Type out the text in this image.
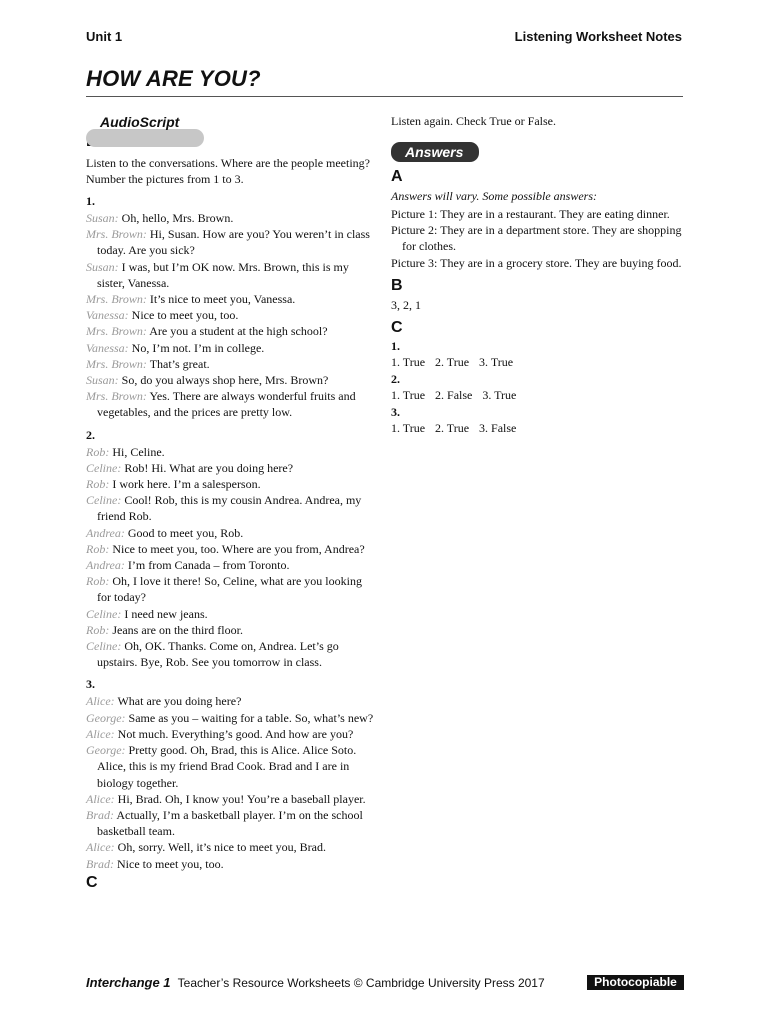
Unit 1	Listening Worksheet Notes
HOW ARE YOU?
AudioScript
Listen to the conversations. Where are the people meeting? Number the pictures from 1 to 3.
1.
Susan: Oh, hello, Mrs. Brown.
Mrs. Brown: Hi, Susan. How are you? You weren’t in class today. Are you sick?
Susan: I was, but I’m OK now. Mrs. Brown, this is my sister, Vanessa.
Mrs. Brown: It’s nice to meet you, Vanessa.
Vanessa: Nice to meet you, too.
Mrs. Brown: Are you a student at the high school?
Vanessa: No, I’m not. I’m in college.
Mrs. Brown: That’s great.
Susan: So, do you always shop here, Mrs. Brown?
Mrs. Brown: Yes. There are always wonderful fruits and vegetables, and the prices are pretty low.
2.
Rob: Hi, Celine.
Celine: Rob! Hi. What are you doing here?
Rob: I work here. I’m a salesperson.
Celine: Cool! Rob, this is my cousin Andrea. Andrea, my friend Rob.
Andrea: Good to meet you, Rob.
Rob: Nice to meet you, too. Where are you from, Andrea?
Andrea: I’m from Canada – from Toronto.
Rob: Oh, I love it there! So, Celine, what are you looking for today?
Celine: I need new jeans.
Rob: Jeans are on the third floor.
Celine: Oh, OK. Thanks. Come on, Andrea. Let’s go upstairs. Bye, Rob. See you tomorrow in class.
3.
Alice: What are you doing here?
George: Same as you – waiting for a table. So, what’s new?
Alice: Not much. Everything’s good. And how are you?
George: Pretty good. Oh, Brad, this is Alice. Alice Soto. Alice, this is my friend Brad Cook. Brad and I are in biology together.
Alice: Hi, Brad. Oh, I know you! You’re a baseball player.
Brad: Actually, I’m a basketball player. I’m on the school basketball team.
Alice: Oh, sorry. Well, it’s nice to meet you, Brad.
Brad: Nice to meet you, too.
C
Listen again. Check True or False.
Answers
A
Answers will vary. Some possible answers:
Picture 1: They are in a restaurant. They are eating dinner.
Picture 2: They are in a department store. They are shopping for clothes.
Picture 3: They are in a grocery store. They are buying food.
B
3, 2, 1
C
1.
1. True 2. True 3. True
2.
1. True 2. False 3. True
3.
1. True 2. True 3. False
Interchange 1 Teacher’s Resource Worksheets © Cambridge University Press 2017	Photocopiable
